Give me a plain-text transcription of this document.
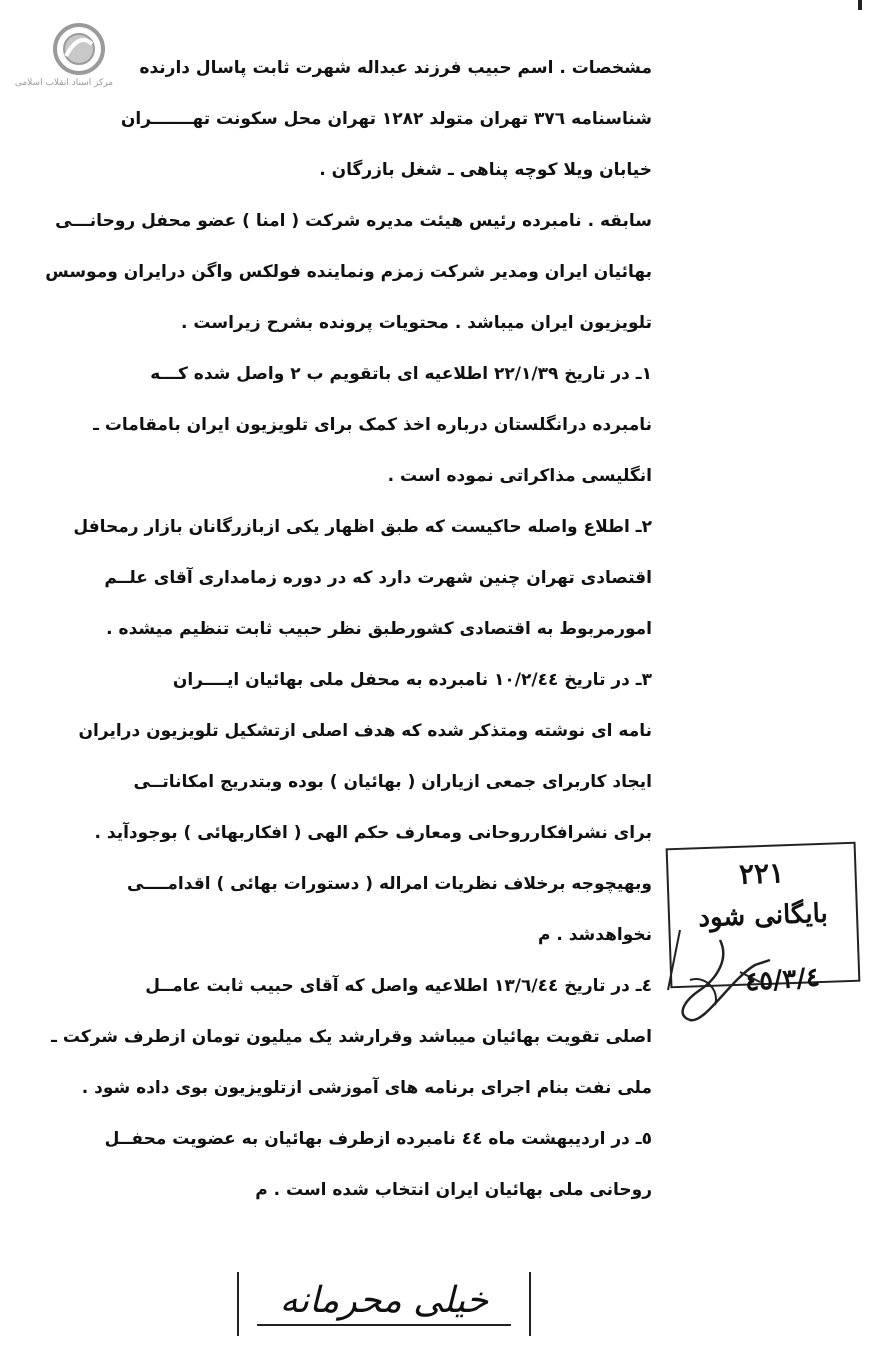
مرکز اسناد انقلاب اسلامی
مشخصات . اسم حبیب فرزند عبداله شهرت ثابت پاسال دارنده
شناسنامه ٣٧٦ تهران متولد ١٢٨٢ تهران محل سکونت تهـــــــران
خیابان ویلا کوچه پناهی ـ شغل بازرگان .
سابقه . نامبرده رئیس هیئت مدیره شرکت ( امنا ) عضو محفل روحانـــی
بهائیان ایران ومدیر شرکت زمزم ونماینده فولکس واگن درایران وموسس
تلویزیون ایران میباشد . محتویات پرونده بشرح زیراست .
١ـ در تاریخ ٢٢/١/٣٩ اطلاعیه ای باتقویم ب ٢ واصل شده کـــه
نامبرده درانگلستان درباره اخذ کمک برای تلویزیون ایران بامقامات ـ
انگلیسی مذاکراتی نموده است .
٢ـ اطلاع واصله حاکیست که طبق اظهار یکی ازبازرگانان بازار رمحافل
اقتصادی تهران چنین شهرت دارد که در دوره زمامداری آقای علــم
امورمربوط به اقتصادی کشورطبق نظر حبیب ثابت تنظیم میشده .
٣ـ در تاریخ ١٠/٢/٤٤ نامبرده به محفل ملی بهائیان ایــــران
نامه ای نوشته ومتذکر شده که هدف اصلی ازتشکیل تلویزیون درایران
ایجاد کاربرای جمعی ازیاران ( بهائیان ) بوده وبتدریج امکاناتــی
برای نشرافکارروحانی ومعارف حکم الهی ( افکاربهائی ) بوجودآید .
وبهیچوجه برخلاف نظریات امراله ( دستورات بهائی ) اقدامــــی
نخواهدشد . م
٤ـ در تاریخ ١٣/٦/٤٤ اطلاعیه واصل که آقای حبیب ثابت عامــل
اصلی تقویت بهائیان میباشد وقرارشد یک میلیون تومان ازطرف شرکت ـ
ملی نفت بنام اجرای برنامه های آموزشی ازتلویزیون بوی داده شود .
٥ـ در اردیبهشت ماه ٤٤ نامبرده ازطرف بهائیان به عضویت محفــل
روحانی ملی بهائیان ایران انتخاب شده است . م
٢٢١
بایگانی شود
٤٥/٣/٤
خیلی محرمانه
